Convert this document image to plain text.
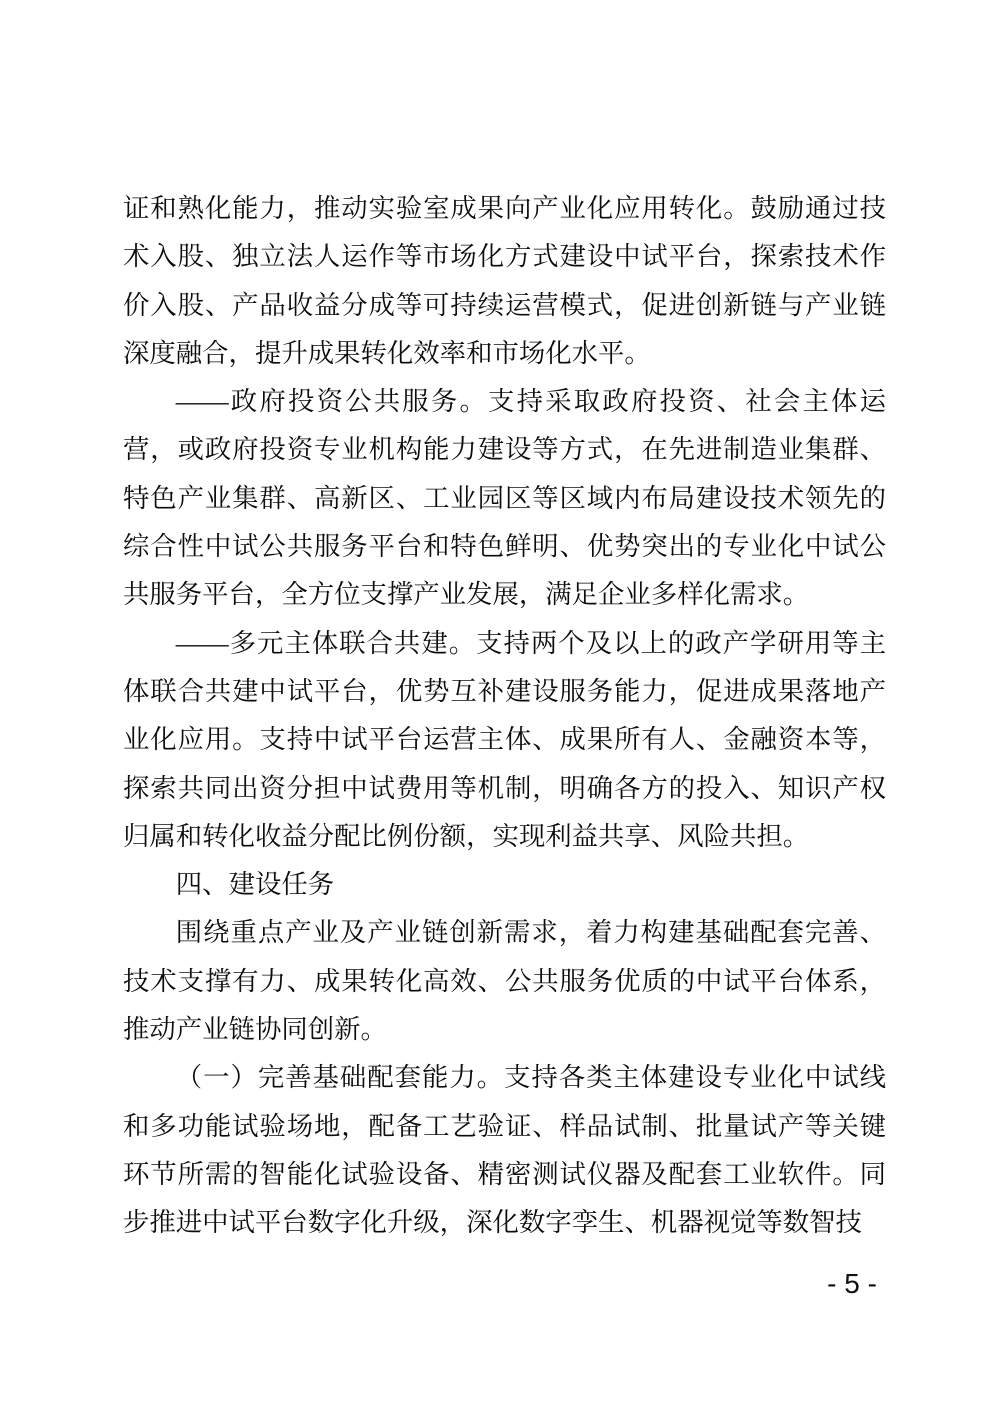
证和熟化能力，推动实验室成果向产业化应用转化。鼓励通过技术入股、独立法人运作等市场化方式建设中试平台，探索技术作价入股、产品收益分成等可持续运营模式，促进创新链与产业链深度融合，提升成果转化效率和市场化水平。

——政府投资公共服务。支持采取政府投资、社会主体运营，或政府投资专业机构能力建设等方式，在先进制造业集群、特色产业集群、高新区、工业园区等区域内布局建设技术领先的综合性中试公共服务平台和特色鲜明、优势突出的专业化中试公共服务平台，全方位支撑产业发展，满足企业多样化需求。

——多元主体联合共建。支持两个及以上的政产学研用等主体联合共建中试平台，优势互补建设服务能力，促进成果落地产业化应用。支持中试平台运营主体、成果所有人、金融资本等，探索共同出资分担中试费用等机制，明确各方的投入、知识产权归属和转化收益分配比例份额，实现利益共享、风险共担。

四、建设任务

围绕重点产业及产业链创新需求，着力构建基础配套完善、技术支撑有力、成果转化高效、公共服务优质的中试平台体系，推动产业链协同创新。

（一）完善基础配套能力。支持各类主体建设专业化中试线和多功能试验场地，配备工艺验证、样品试制、批量试产等关键环节所需的智能化试验设备、精密测试仪器及配套工业软件。同步推进中试平台数字化升级，深化数字孪生、机器视觉等数智技

- 5 -
